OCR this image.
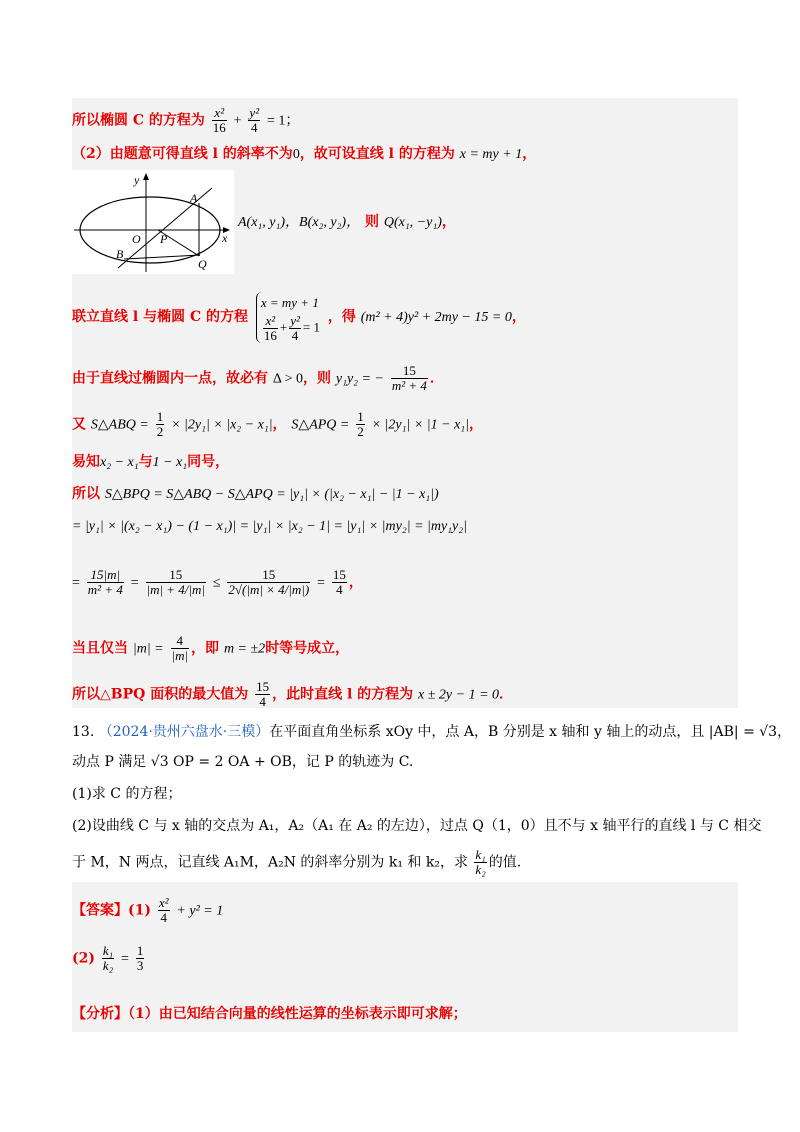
所以椭圆 C 的方程为 $\frac{\text{x²}}{16} + \frac{\text{y²}}{4} = 1$；
（2）由题意可得直线 l 的斜率不为0，故可设直线 l 的方程为 x = my + 1，
y
A
O P	x
B
Q
A(x₁, y₁)，B(x₂, y₂)， 则 Q(x₁, −y₁)，
联立直线 l 与椭圆 C 的方程
x = my + 1
$\frac{\text{x²}}{16} + \frac{\text{y²}}{4} = 1$
，得 (m² + 4)y² + 2my − 15 = 0，
由于直线过椭圆内一点，故必有 Δ > 0，则 y₁y₂ = − $\frac{15}{\text{m² + 4}}$ ．
又 S△ABQ = $\frac{1}{2} \times |2y_1| \times |x_2 - x_1|$， S△APQ = $\frac{1}{2} \times |2y_1| \times |1 - x_1|$，
易知x₂ − x₁与1 − x₁同号，
所以 S△BPQ = S△ABQ − S△APQ = |y₁| × (|x₂ − x₁| − |1 − x₁|)
= |y₁| × |(x₂ − x₁) − (1 − x₁)| = |y₁| × |x₂ − 1| = |y₁| × |my₂| = |my₁y₂|
= $\frac{15|m|}{\text{m² + 4}} = \frac{15}{|m| + 4/|m|} \le \frac{15}{2√(|m| \times 4/|m|)} = \frac{15}{4}$ ，
当且仅当 $|m| = \frac{4}{|m|}$ ，即 m = ±2时等号成立，
所以△BPQ 面积的最大值为 $\frac{15}{4}$ ，此时直线 l 的方程为 x ± 2y − 1 = 0．
13. （2024·贵州六盘水·三模）在平面直角坐标系 xOy 中，点 A，B 分别是 x 轴和 y 轴上的动点，且 |AB| = √3，
动点 P 满足 √3 OP = 2 OA + OB，记 P 的轨迹为 C.
(1)求 C 的方程；
(2)设曲线 C 与 x 轴的交点为 A₁，A₂（A₁ 在 A₂ 的左边），过点 Q（1，0）且不与 x 轴平行的直线 l 与 C 相交
于 M，N 两点，记直线 A₁M，A₂N 的斜率分别为 k₁ 和 k₂，求 $\frac{\text{k₁}}{\text{k₂}}$ 的值.
【答案】$(1) \frac{\text{x²}}{4} + y^2 = 1$
$(2) \frac{\text{k₁}}{\text{k₂}} = \frac{1}{3}$
【分析】（1）由已知结合向量的线性运算的坐标表示即可求解；
